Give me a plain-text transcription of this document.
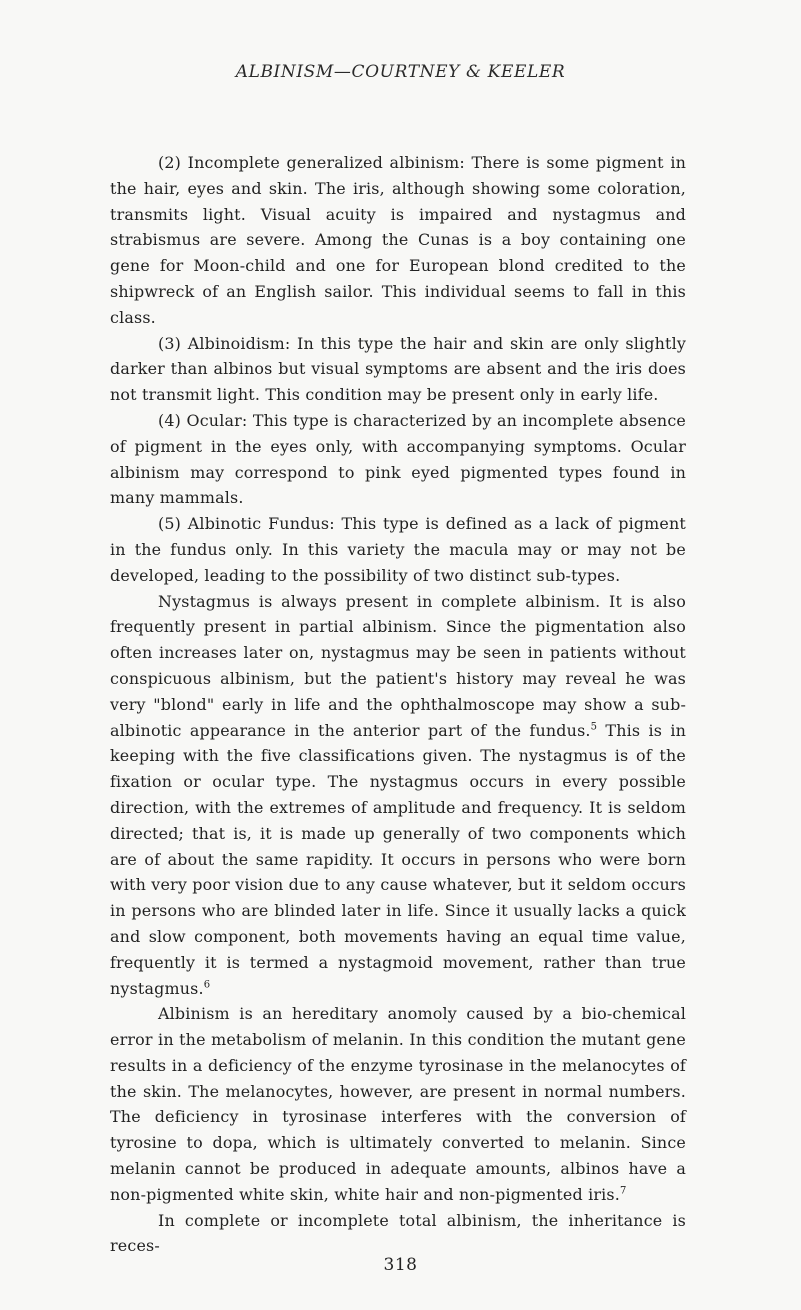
ALBINISM—COURTNEY & KEELER

(2) Incomplete generalized albinism: There is some pigment in the hair, eyes and skin. The iris, although showing some coloration, transmits light. Visual acuity is impaired and nystagmus and strabismus are severe. Among the Cunas is a boy containing one gene for Moon-child and one for European blond credited to the shipwreck of an English sailor. This individual seems to fall in this class.

(3) Albinoidism: In this type the hair and skin are only slightly darker than albinos but visual symptoms are absent and the iris does not transmit light. This condition may be present only in early life.

(4) Ocular: This type is characterized by an incomplete absence of pigment in the eyes only, with accompanying symptoms. Ocular albinism may correspond to pink eyed pigmented types found in many mammals.

(5) Albinotic Fundus: This type is defined as a lack of pigment in the fundus only. In this variety the macula may or may not be developed, leading to the possibility of two distinct sub-types.

Nystagmus is always present in complete albinism. It is also frequently present in partial albinism. Since the pigmentation also often increases later on, nystagmus may be seen in patients without conspicuous albinism, but the patient's history may reveal he was very "blond" early in life and the ophthalmoscope may show a sub-albinotic appearance in the anterior part of the fundus.$^5$ This is in keeping with the five classifications given. The nystagmus is of the fixation or ocular type. The nystagmus occurs in every possible direction, with the extremes of amplitude and frequency. It is seldom directed; that is, it is made up generally of two components which are of about the same rapidity. It occurs in persons who were born with very poor vision due to any cause whatever, but it seldom occurs in persons who are blinded later in life. Since it usually lacks a quick and slow component, both movements having an equal time value, frequently it is termed a nystagmoid movement, rather than true nystagmus.$^6$

Albinism is an hereditary anomoly caused by a bio-chemical error in the metabolism of melanin. In this condition the mutant gene results in a deficiency of the enzyme tyrosinase in the melanocytes of the skin. The melanocytes, however, are present in normal numbers. The deficiency in tyrosinase interferes with the conversion of tyrosine to dopa, which is ultimately converted to melanin. Since melanin cannot be produced in adequate amounts, albinos have a non-pigmented white skin, white hair and non-pigmented iris.$^7$

In complete or incomplete total albinism, the inheritance is reces-

318
